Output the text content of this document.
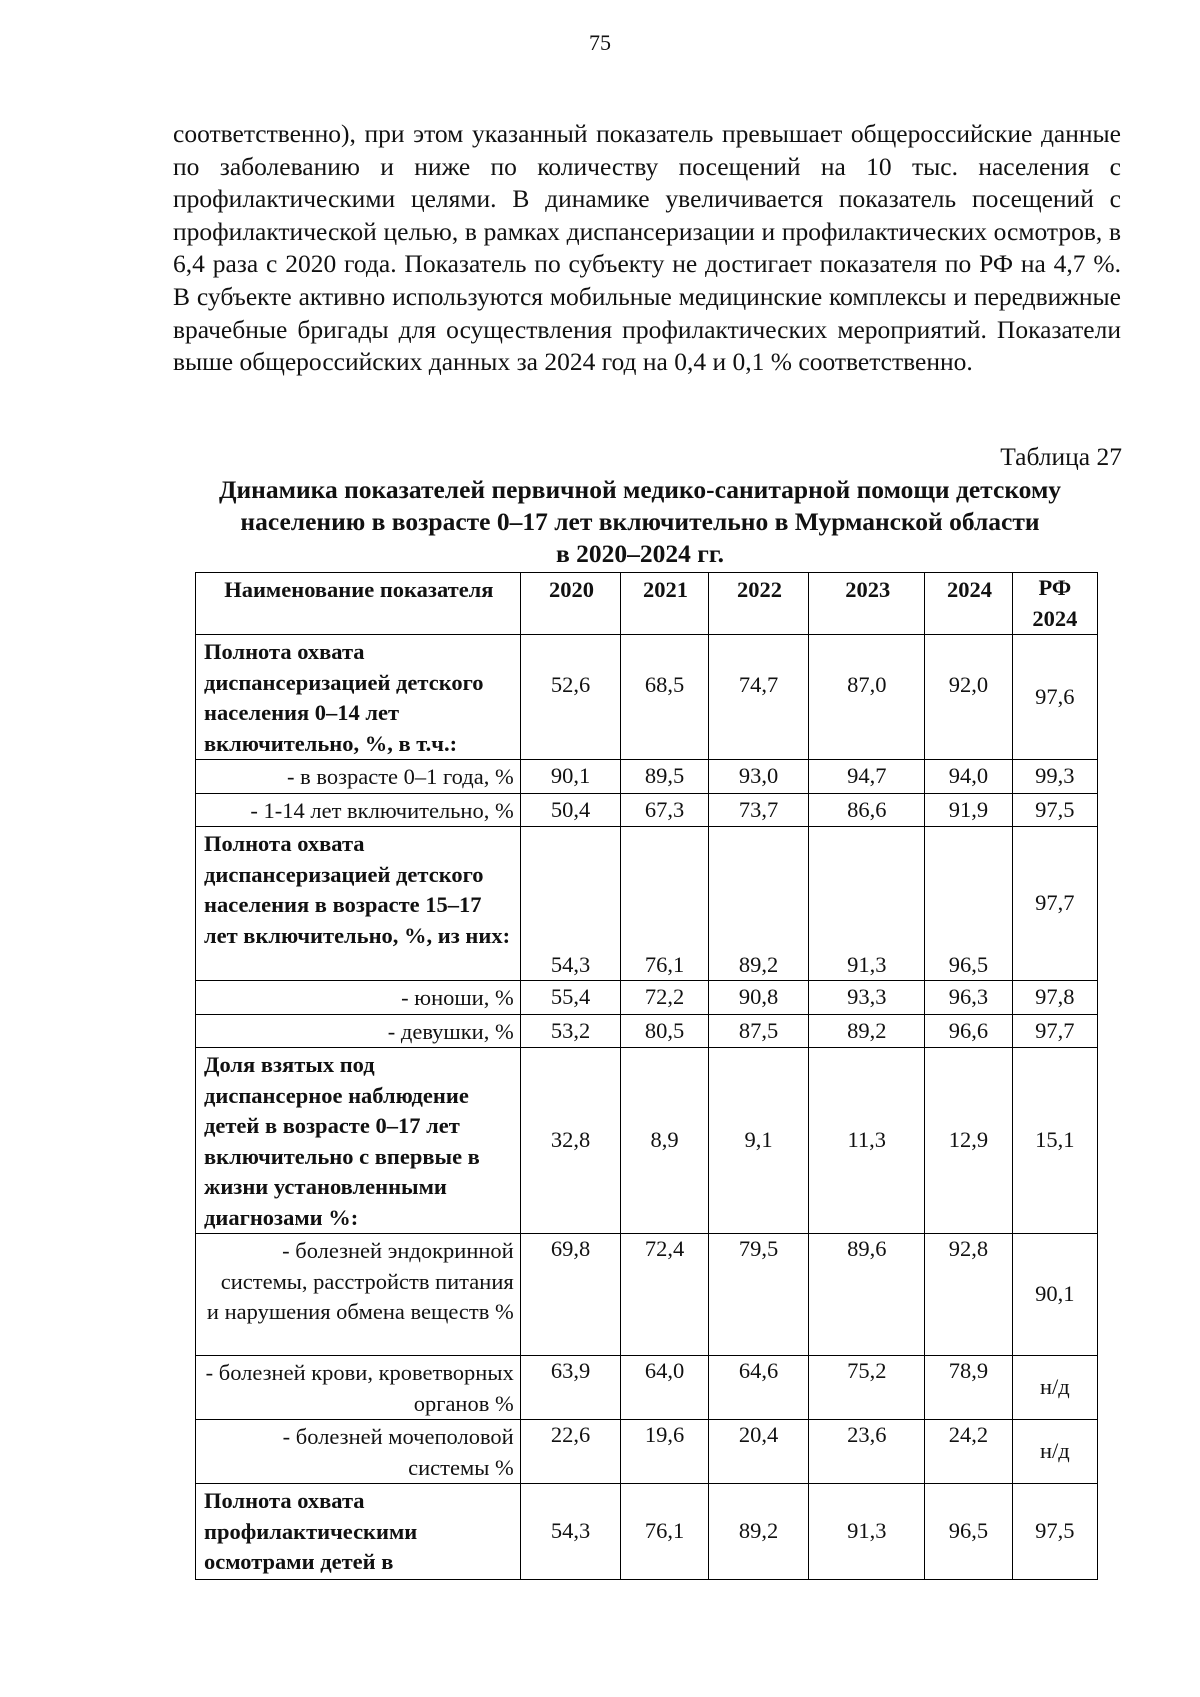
75

соответственно), при этом указанный показатель превышает общероссийские данные по заболеванию и ниже по количеству посещений на 10 тыс. населения с профилактическими целями. В динамике увеличивается показатель посещений с профилактической целью, в рамках диспансеризации и профилактических осмотров, в 6,4 раза с 2020 года. Показатель по субъекту не достигает показателя по РФ на 4,7 %. В субъекте активно используются мобильные медицинские комплексы и передвижные врачебные бригады для осуществления профилактических мероприятий. Показатели выше общероссийских данных за 2024 год на 0,4 и 0,1 % соответственно.

Таблица 27
Динамика показателей первичной медико-санитарной помощи детскому
населению в возрасте 0–17 лет включительно в Мурманской области
в 2020–2024 гг.
Наименование показателя	2020	2021	2022	2023	2024	РФ 2024
Полнота охвата диспансеризацией детского населения 0–14 лет включительно, %, в т.ч.:	52,6	68,5	74,7	87,0	92,0	97,6
- в возрасте 0–1 года, %	90,1	89,5	93,0	94,7	94,0	99,3
- 1-14 лет включительно, %	50,4	67,3	73,7	86,6	91,9	97,5
Полнота охвата диспансеризацией детского населения в возрасте 15–17 лет включительно, %, из них:	54,3	76,1	89,2	91,3	96,5	97,7
- юноши, %	55,4	72,2	90,8	93,3	96,3	97,8
- девушки, %	53,2	80,5	87,5	89,2	96,6	97,7
Доля взятых под диспансерное наблюдение детей в возрасте 0–17 лет включительно с впервые в жизни установленными диагнозами %:	32,8	8,9	9,1	11,3	12,9	15,1
- болезней эндокринной системы, расстройств питания и нарушения обмена веществ %	69,8	72,4	79,5	89,6	92,8	90,1
- болезней крови, кроветворных органов %	63,9	64,0	64,6	75,2	78,9	н/д
- болезней мочеполовой системы %	22,6	19,6	20,4	23,6	24,2	н/д
Полнота охвата профилактическими осмотрами детей в	54,3	76,1	89,2	91,3	96,5	97,5
